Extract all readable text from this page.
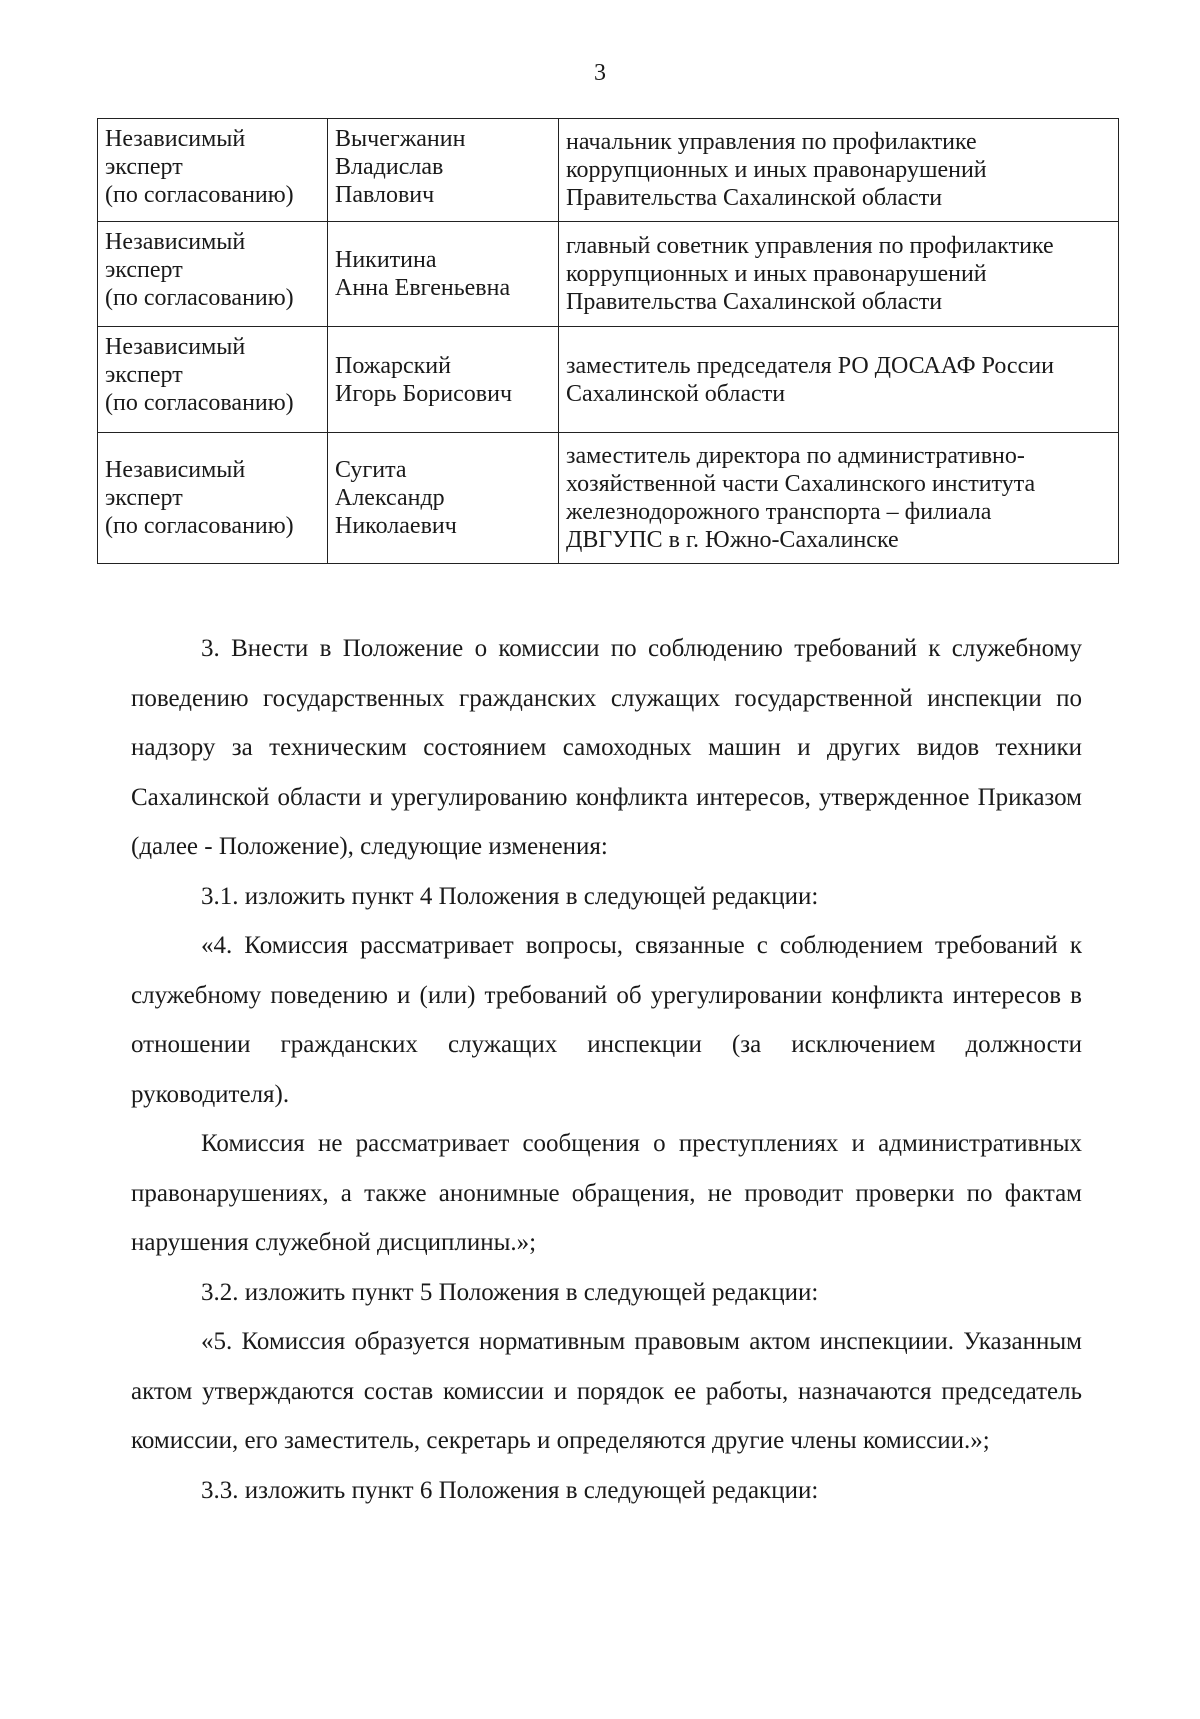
3
Независимый
эксперт
(по согласованию)	Вычегжанин
Владислав
Павлович	начальник управления по профилактике
коррупционных и иных правонарушений
Правительства Сахалинской области

Независимый
эксперт
(по согласованию)	Никитина
Анна Евгеньевна	главный советник управления по профилактике
коррупционных и иных правонарушений
Правительства Сахалинской области

Независимый
эксперт
(по согласованию)	Пожарский
Игорь Борисович	заместитель председателя РО ДОСААФ России
Сахалинской области

Независимый
эксперт
(по согласованию)	Сугита
Александр
Николаевич	заместитель директора по административно-
хозяйственной части Сахалинского института
железнодорожного транспорта – филиала
ДВГУПС в г. Южно-Сахалинске

3. Внести в Положение о комиссии по соблюдению требований к служебному поведению государственных гражданских служащих государственной инспекции по надзору за техническим состоянием самоходных машин и других видов техники Сахалинской области и урегулированию конфликта интересов, утвержденное Приказом (далее - Положение), следующие изменения:

3.1. изложить пункт 4 Положения в следующей редакции:

«4. Комиссия рассматривает вопросы, связанные с соблюдением требований к служебному поведению и (или) требований об урегулировании конфликта интересов в отношении гражданских служащих инспекции (за исключением должности руководителя).

Комиссия не рассматривает сообщения о преступлениях и административных правонарушениях, а также анонимные обращения, не проводит проверки по фактам нарушения служебной дисциплины.»;

3.2. изложить пункт 5 Положения в следующей редакции:

«5. Комиссия образуется нормативным правовым актом инспекциии. Указанным актом утверждаются состав комиссии и порядок ее работы, назначаются председатель комиссии, его заместитель, секретарь и определяются другие члены комиссии.»;

3.3. изложить пункт 6 Положения в следующей редакции:
